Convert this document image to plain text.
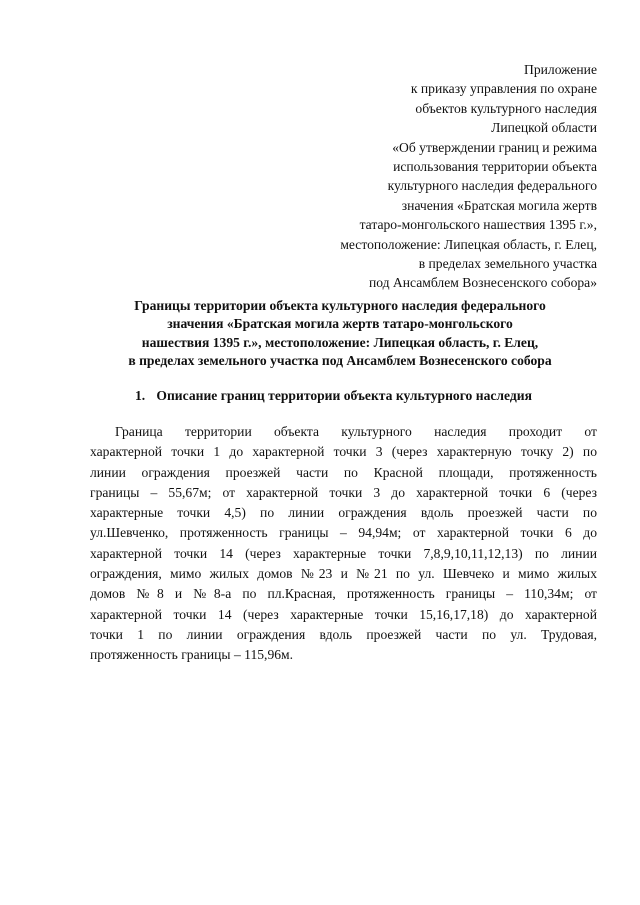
Приложение
к приказу управления по охране
объектов культурного наследия
Липецкой области
«Об утверждении границ и режима
использования территории объекта
культурного наследия федерального
значения «Братская могила жертв
татаро-монгольского нашествия 1395 г.»,
местоположение: Липецкая область, г. Елец,
в пределах земельного участка
под Ансамблем Вознесенского собора»
Границы территории объекта культурного наследия федерального
значения «Братская могила жертв татаро-монгольского
нашествия 1395 г.», местоположение: Липецкая область, г. Елец,
в пределах земельного участка под Ансамблем Вознесенского собора
1. Описание границ территории объекта культурного наследия
Граница территории объекта культурного наследия проходит от
характерной точки 1 до характерной точки 3 (через характерную точку 2) по
линии ограждения проезжей части по Красной площади, протяженность
границы – 55,67м; от характерной точки 3 до характерной точки 6 (через
характерные точки 4,5) по линии ограждения вдоль проезжей части по
ул.Шевченко, протяженность границы – 94,94м; от характерной точки 6 до
характерной точки 14 (через характерные точки 7,8,9,10,11,12,13) по линии
ограждения, мимо жилых домов №23 и №21 по ул. Шевчеко и мимо жилых
домов №8 и №8-а по пл.Красная, протяженность границы – 110,34м; от
характерной точки 14 (через характерные точки 15,16,17,18) до характерной
точки 1 по линии ограждения вдоль проезжей части по ул. Трудовая,
протяженность границы – 115,96м.
